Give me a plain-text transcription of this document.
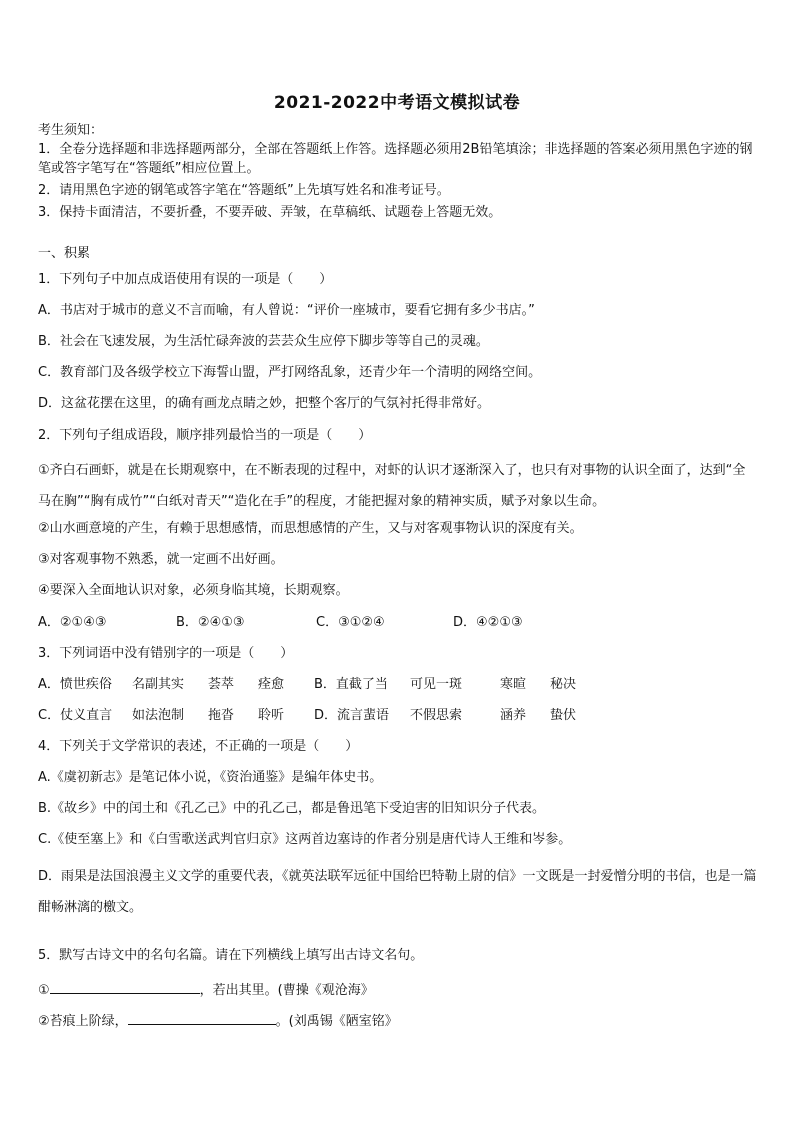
2021-2022中考语文模拟试卷
考生须知：
1．全卷分选择题和非选择题两部分，全部在答题纸上作答。选择题必须用2B铅笔填涂；非选择题的答案必须用黑色字迹的钢笔或答字笔写在“答题纸”相应位置上。
2．请用黑色字迹的钢笔或答字笔在“答题纸”上先填写姓名和准考证号。
3．保持卡面清洁，不要折叠，不要弄破、弄皱，在草稿纸、试题卷上答题无效。
一、积累
1．下列句子中加点成语使用有误的一项是（　　）
A．书店对于城市的意义不言而喻，有人曾说：“评价一座城市，要看它拥有多少书店。”
B．社会在飞速发展，为生活忙碌奔波的芸芸众生应停下脚步等等自己的灵魂。
C．教育部门及各级学校立下海誓山盟，严打网络乱象，还青少年一个清明的网络空间。
D．这盆花摆在这里，的确有画龙点睛之妙，把整个客厅的气氛衬托得非常好。
2．下列句子组成语段，顺序排列最恰当的一项是（　　）
①齐白石画虾，就是在长期观察中，在不断表现的过程中，对虾的认识才逐渐深入了，也只有对事物的认识全面了，达到“全马在胸”“胸有成竹”“白纸对青天”“造化在手”的程度，才能把握对象的精神实质，赋予对象以生命。
②山水画意境的产生，有赖于思想感情，而思想感情的产生，又与对客观事物认识的深度有关。
③对客观事物不熟悉，就一定画不出好画。
④要深入全面地认识对象，必须身临其境，长期观察。
A．②①④③	B．②④①③	C．③①②④	D．④②①③
3．下列词语中没有错别字的一项是（　　）
A．愤世疾俗 名副其实 荟萃 痊愈 B．直截了当 可见一斑	寒暄 秘决
C．仗义直言 如法泡制 拖沓 聆听 D．流言蜚语 不假思索	涵养 蛰伏
4．下列关于文学常识的表述，不正确的一项是（　　）
A.《虞初新志》是笔记体小说，《资治通鉴》是编年体史书。
B.《故乡》中的闰土和《孔乙己》中的孔乙己，都是鲁迅笔下受迫害的旧知识分子代表。
C.《使至塞上》和《白雪歌送武判官归京》这两首边塞诗的作者分别是唐代诗人王维和岑参。
D．雨果是法国浪漫主义文学的重要代表，《就英法联军远征中国给巴特勒上尉的信》一文既是一封爱憎分明的书信，也是一篇酣畅淋漓的檄文。
5．默写古诗文中的名句名篇。请在下列横线上填写出古诗文名句。
①	，若出其里。(曹操《观沧海》
②苔痕上阶绿，	。(刘禹锡《陋室铭》
